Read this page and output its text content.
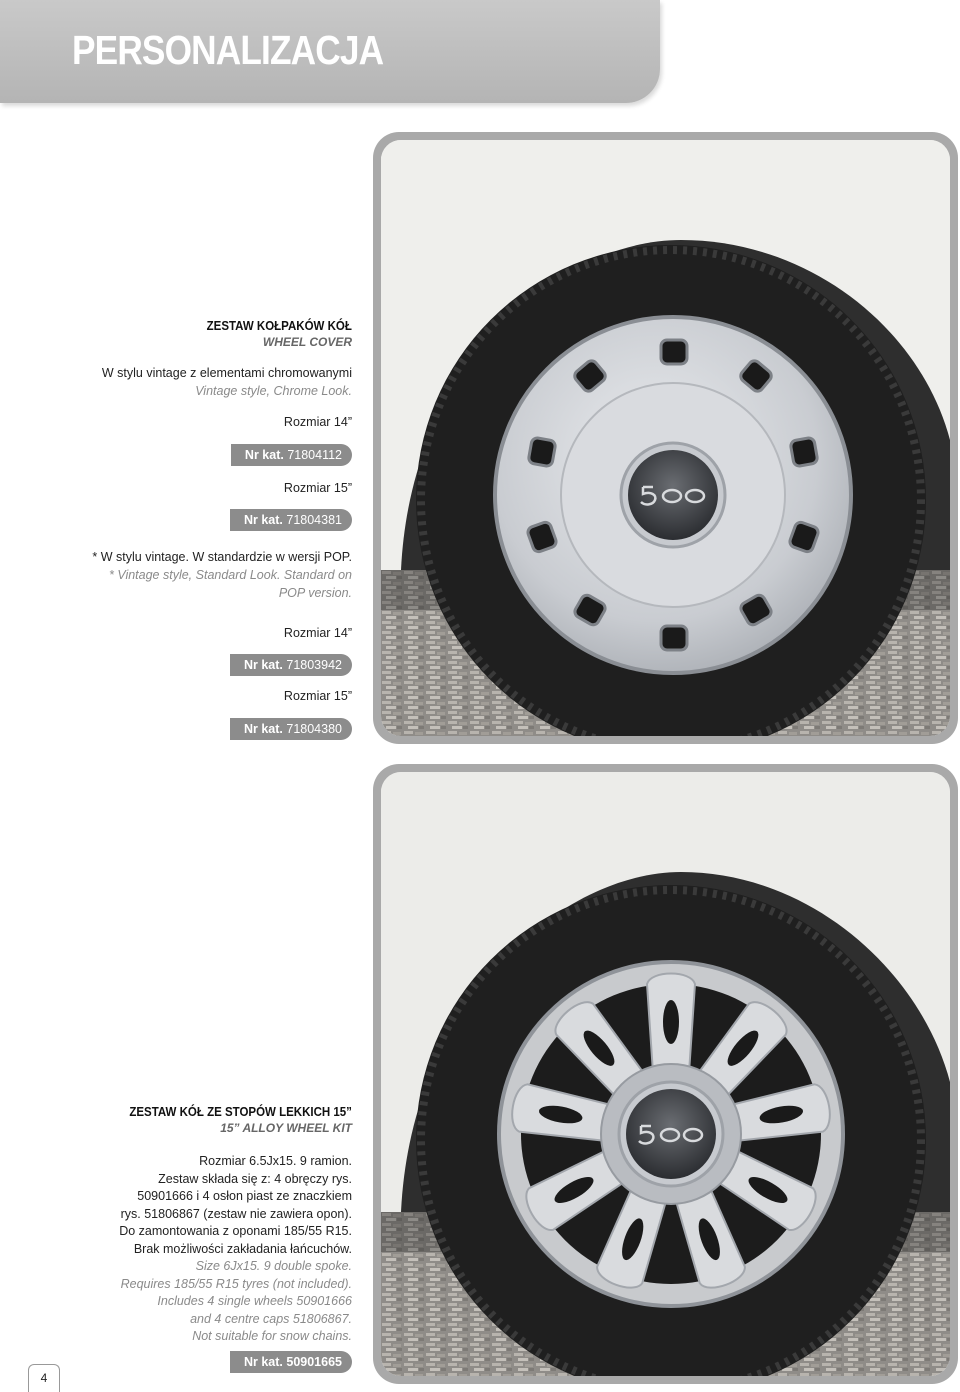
PERSONALIZACJA
ZESTAW KOŁPAKÓW KÓŁ
WHEEL COVER
W stylu vintage z elementami chromowanymi
Vintage style, Chrome Look.
Rozmiar 14”
Nr kat. 71804112
Rozmiar 15”
Nr kat. 71804381
* W stylu vintage. W standardzie w wersji POP.
* Vintage style, Standard Look. Standard on
POP version.
Rozmiar 14”
Nr kat. 71803942
Rozmiar 15”
Nr kat. 71804380
ZESTAW KÓŁ ZE STOPÓW LEKKICH 15”
15” ALLOY WHEEL KIT
Rozmiar 6.5Jx15. 9 ramion.
Zestaw składa się z: 4 obręczy rys.
50901666 i 4 osłon piast ze znaczkiem
rys. 51806867 (zestaw nie zawiera opon).
Do zamontowania z oponami 185/55 R15.
Brak możliwości zakładania łańcuchów.
Size 6Jx15. 9 double spoke.
Requires 185/55 R15 tyres (not included).
Includes 4 single wheels 50901666
and 4 centre caps 51806867.
Not suitable for snow chains.
Nr kat. 50901665
4
